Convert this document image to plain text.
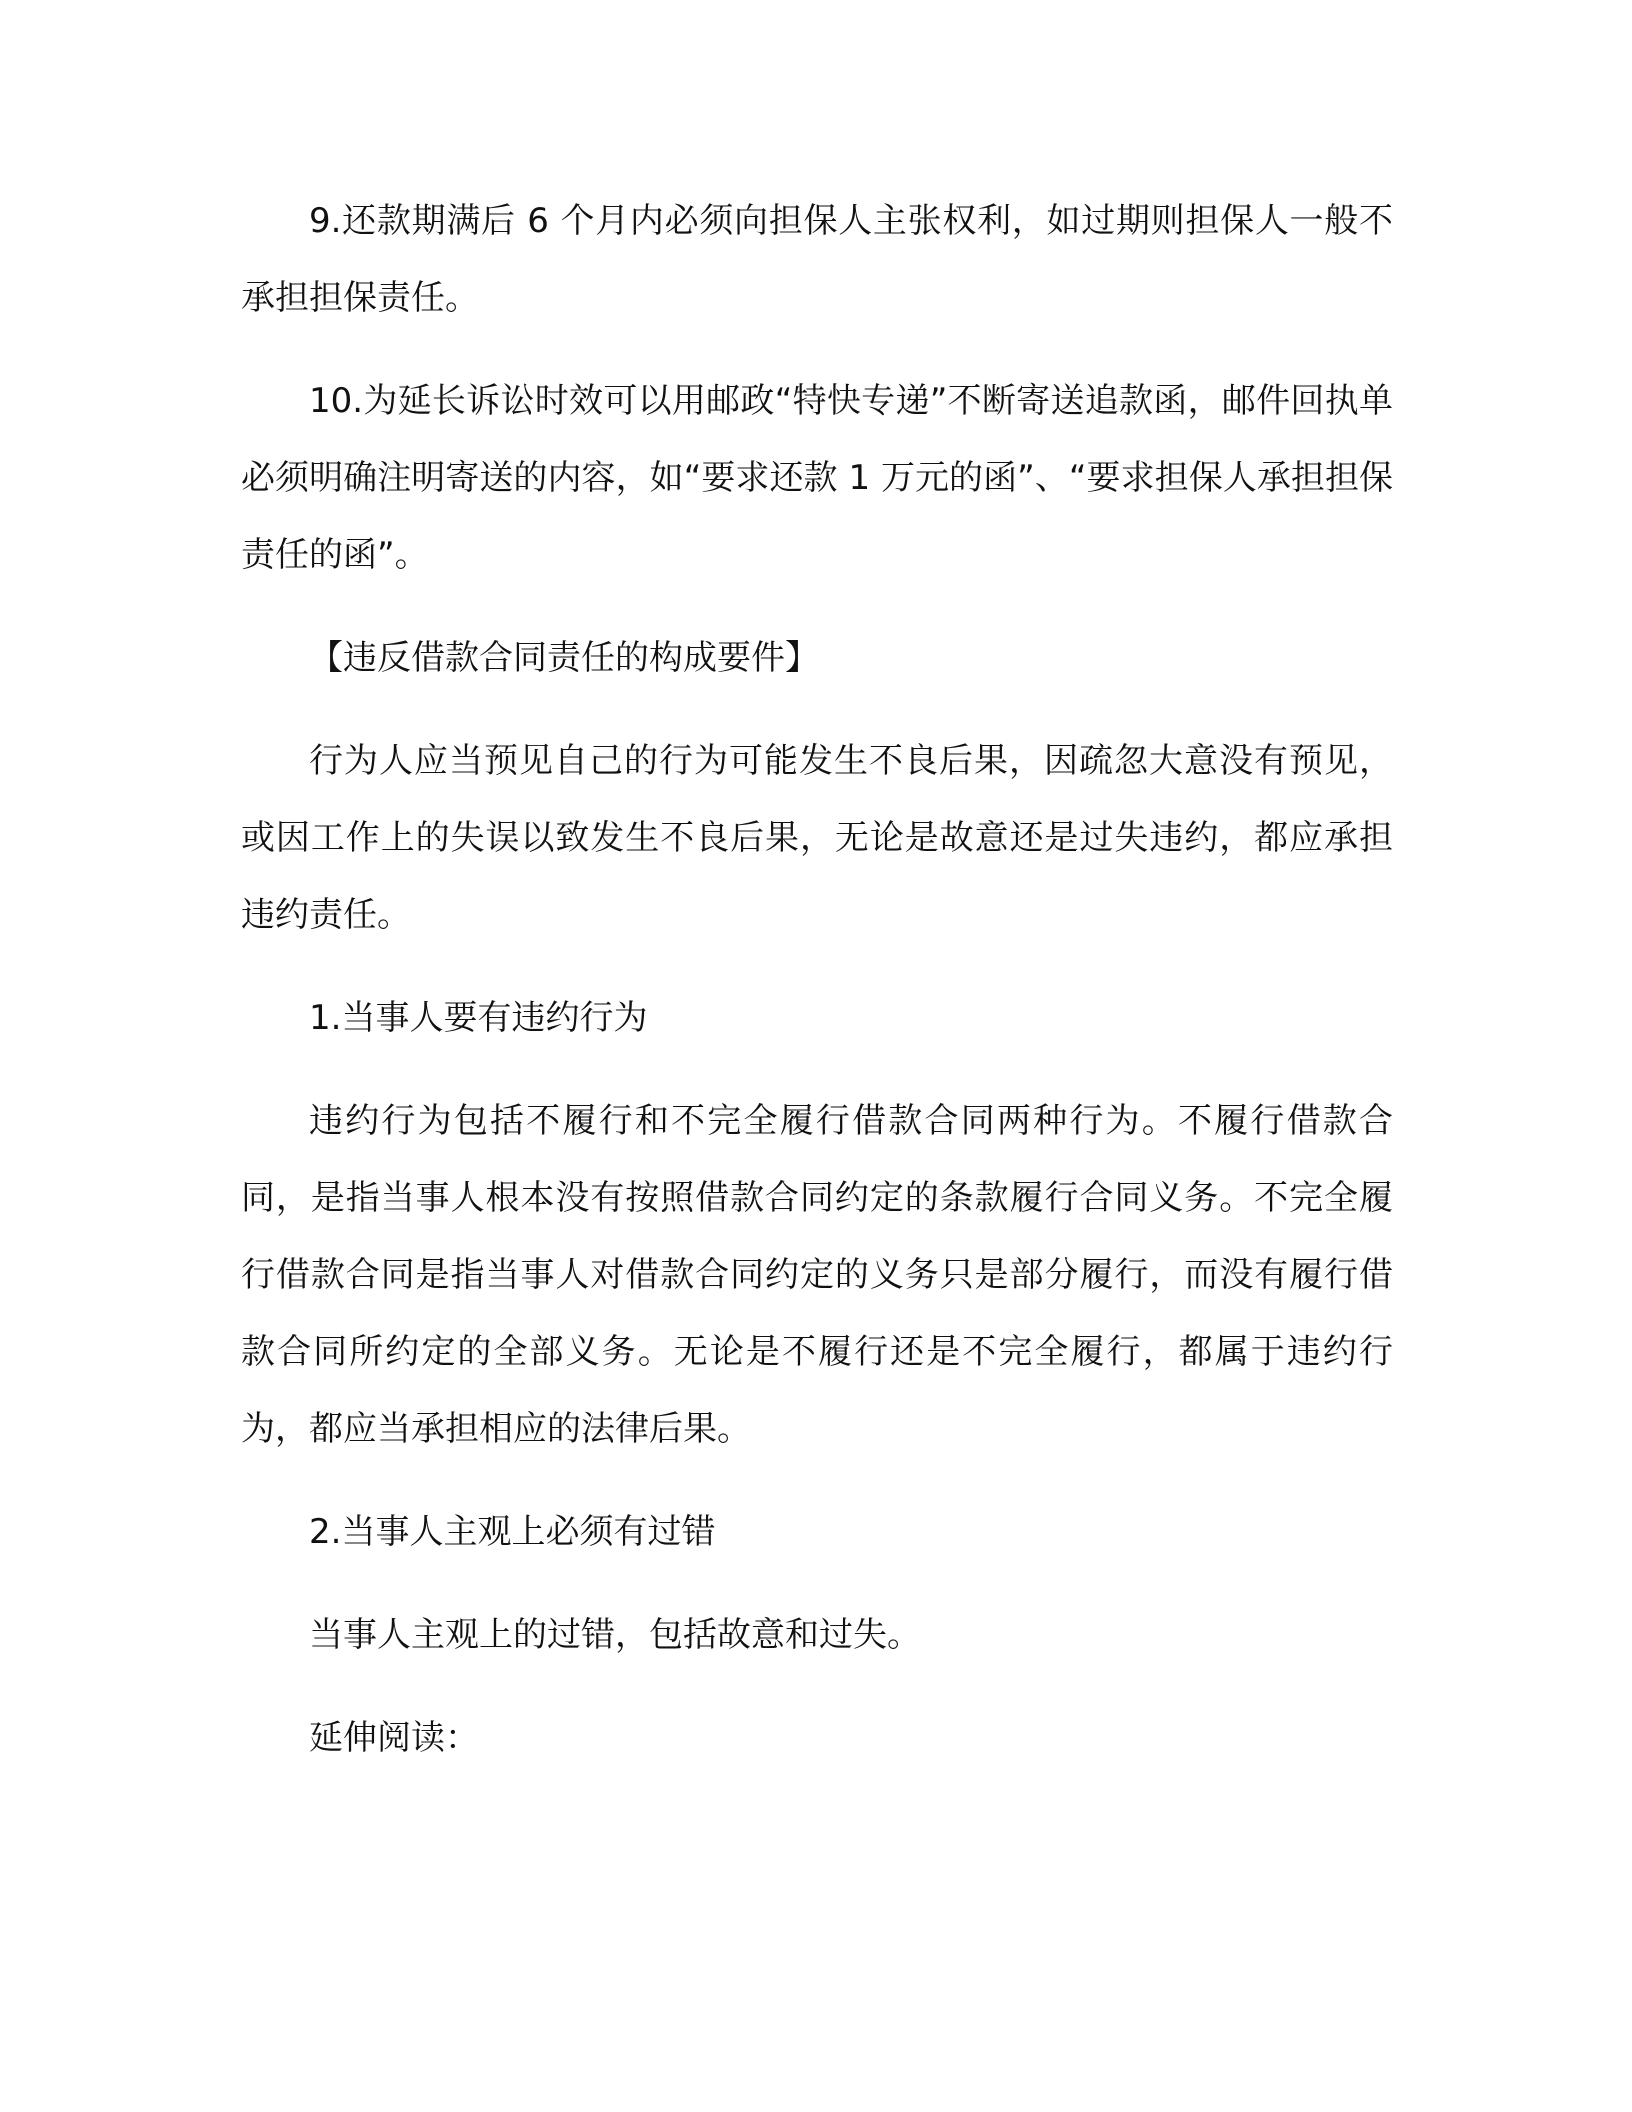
9.还款期满后 6 个月内必须向担保人主张权利，如过期则担保人一般不承担担保责任。

10.为延长诉讼时效可以用邮政“特快专递”不断寄送追款函，邮件回执单必须明确注明寄送的内容，如“要求还款 1 万元的函”、“要求担保人承担担保责任的函”。

【违反借款合同责任的构成要件】

行为人应当预见自己的行为可能发生不良后果，因疏忽大意没有预见，或因工作上的失误以致发生不良后果，无论是故意还是过失违约，都应承担违约责任。

1.当事人要有违约行为

违约行为包括不履行和不完全履行借款合同两种行为。不履行借款合同，是指当事人根本没有按照借款合同约定的条款履行合同义务。不完全履行借款合同是指当事人对借款合同约定的义务只是部分履行，而没有履行借款合同所约定的全部义务。无论是不履行还是不完全履行，都属于违约行为，都应当承担相应的法律后果。

2.当事人主观上必须有过错

当事人主观上的过错，包括故意和过失。

延伸阅读：
